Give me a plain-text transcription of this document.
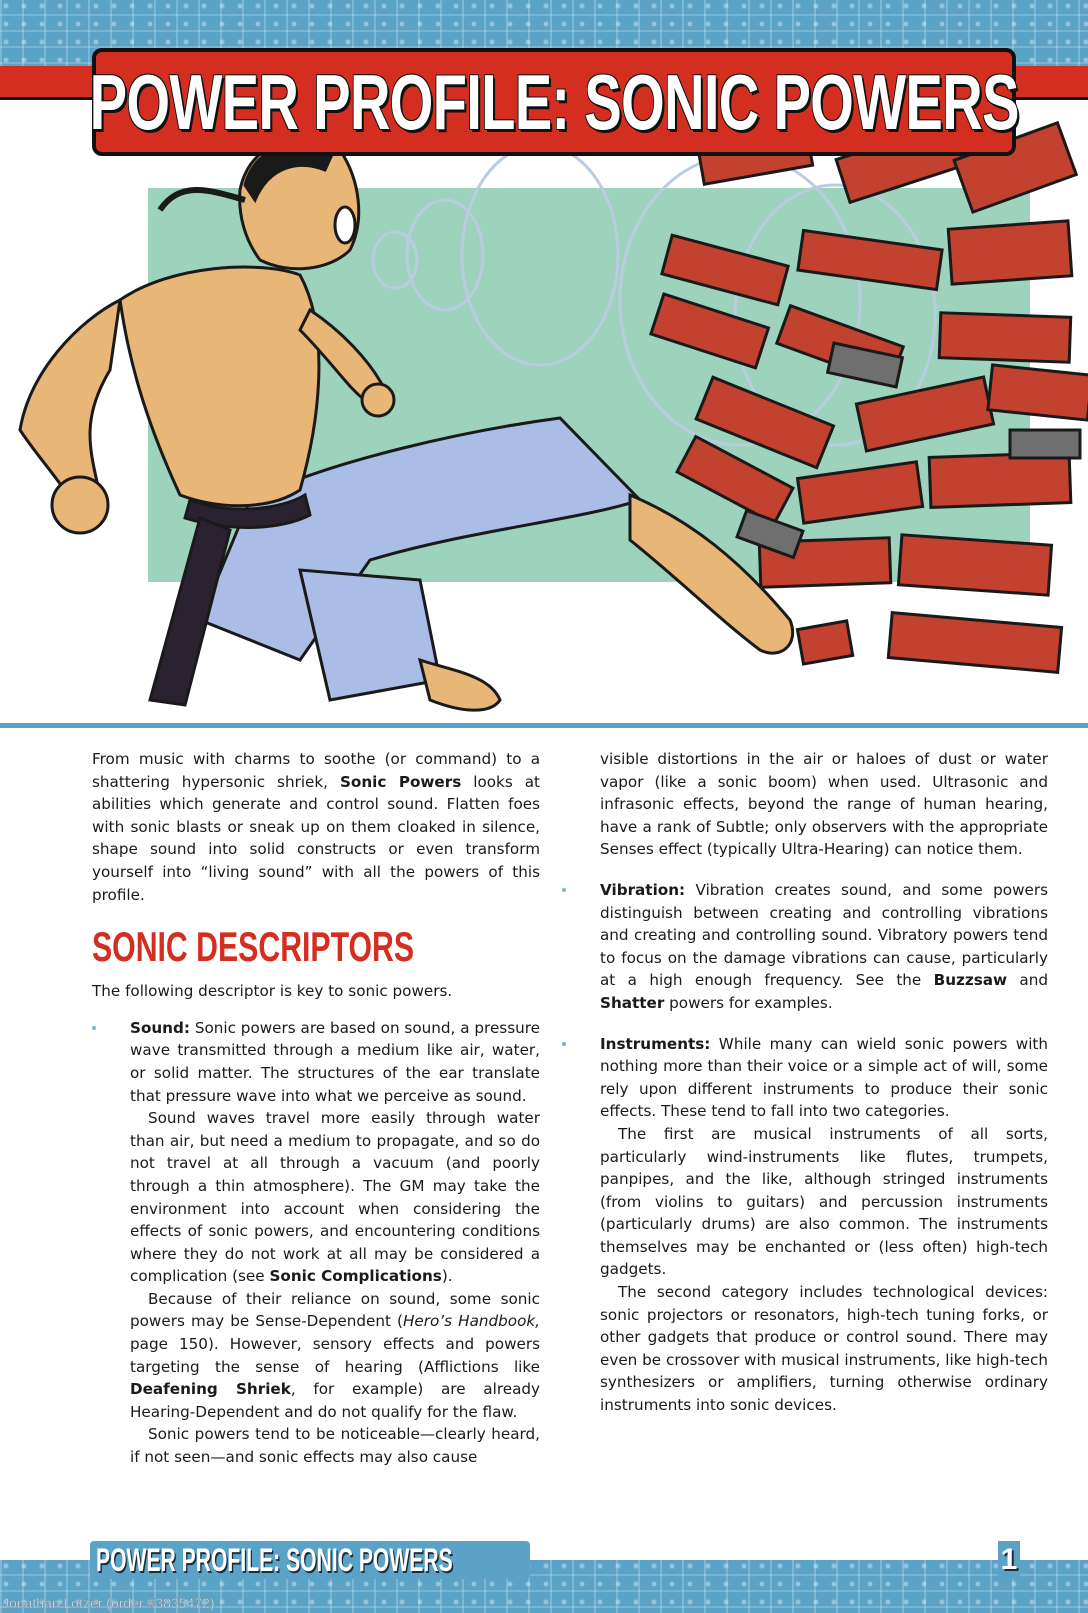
POWER PROFILE: SONIC POWERS

From music with charms to soothe (or command) to a shattering hypersonic shriek, Sonic Powers looks at abilities which generate and control sound. Flatten foes with sonic blasts or sneak up on them cloaked in silence, shape sound into solid constructs or even transform yourself into “living sound” with all the powers of this profile.

SONIC DESCRIPTORS

The following descriptor is key to sonic powers.

Sound: Sonic powers are based on sound, a pressure wave transmitted through a medium like air, water, or solid matter. The structures of the ear translate that pressure wave into what we perceive as sound.

Sound waves travel more easily through water than air, but need a medium to propagate, and so do not travel at all through a vacuum (and poorly through a thin atmosphere). The GM may take the environment into account when considering the effects of sonic powers, and encountering conditions where they do not work at all may be considered a complication (see Sonic Complications).

Because of their reliance on sound, some sonic powers may be Sense-Dependent (Hero’s Handbook, page 150). However, sensory effects and powers targeting the sense of hearing (Afflictions like Deafening Shriek, for example) are already Hearing-Dependent and do not qualify for the flaw.

Sonic powers tend to be noticeable—clearly heard, if not seen—and sonic effects may also cause

visible distortions in the air or haloes of dust or water vapor (like a sonic boom) when used. Ultrasonic and infrasonic effects, beyond the range of human hearing, have a rank of Subtle; only observers with the appropriate Senses effect (typically Ultra-Hearing) can notice them.

Vibration: Vibration creates sound, and some powers distinguish between creating and controlling vibrations and creating and controlling sound. Vibratory powers tend to focus on the damage vibrations can cause, particularly at a high enough frequency. See the Buzzsaw and Shatter powers for examples.

Instruments: While many can wield sonic powers with nothing more than their voice or a simple act of will, some rely upon different instruments to produce their sonic effects. These tend to fall into two categories.

The first are musical instruments of all sorts, particularly wind-instruments like flutes, trumpets, panpipes, and the like, although stringed instruments (from violins to guitars) and percussion instruments (particularly drums) are also common. The instruments themselves may be enchanted or (less often) high-tech gadgets.

The second category includes technological devices: sonic projectors or resonators, high-tech tuning forks, or other gadgets that produce or control sound. There may even be crossover with musical instruments, like high-tech synthesizers or amplifiers, turning otherwise ordinary instruments into sonic devices.

POWER PROFILE: SONIC POWERS	1
Jonathan Lotzer (order #3835472)
